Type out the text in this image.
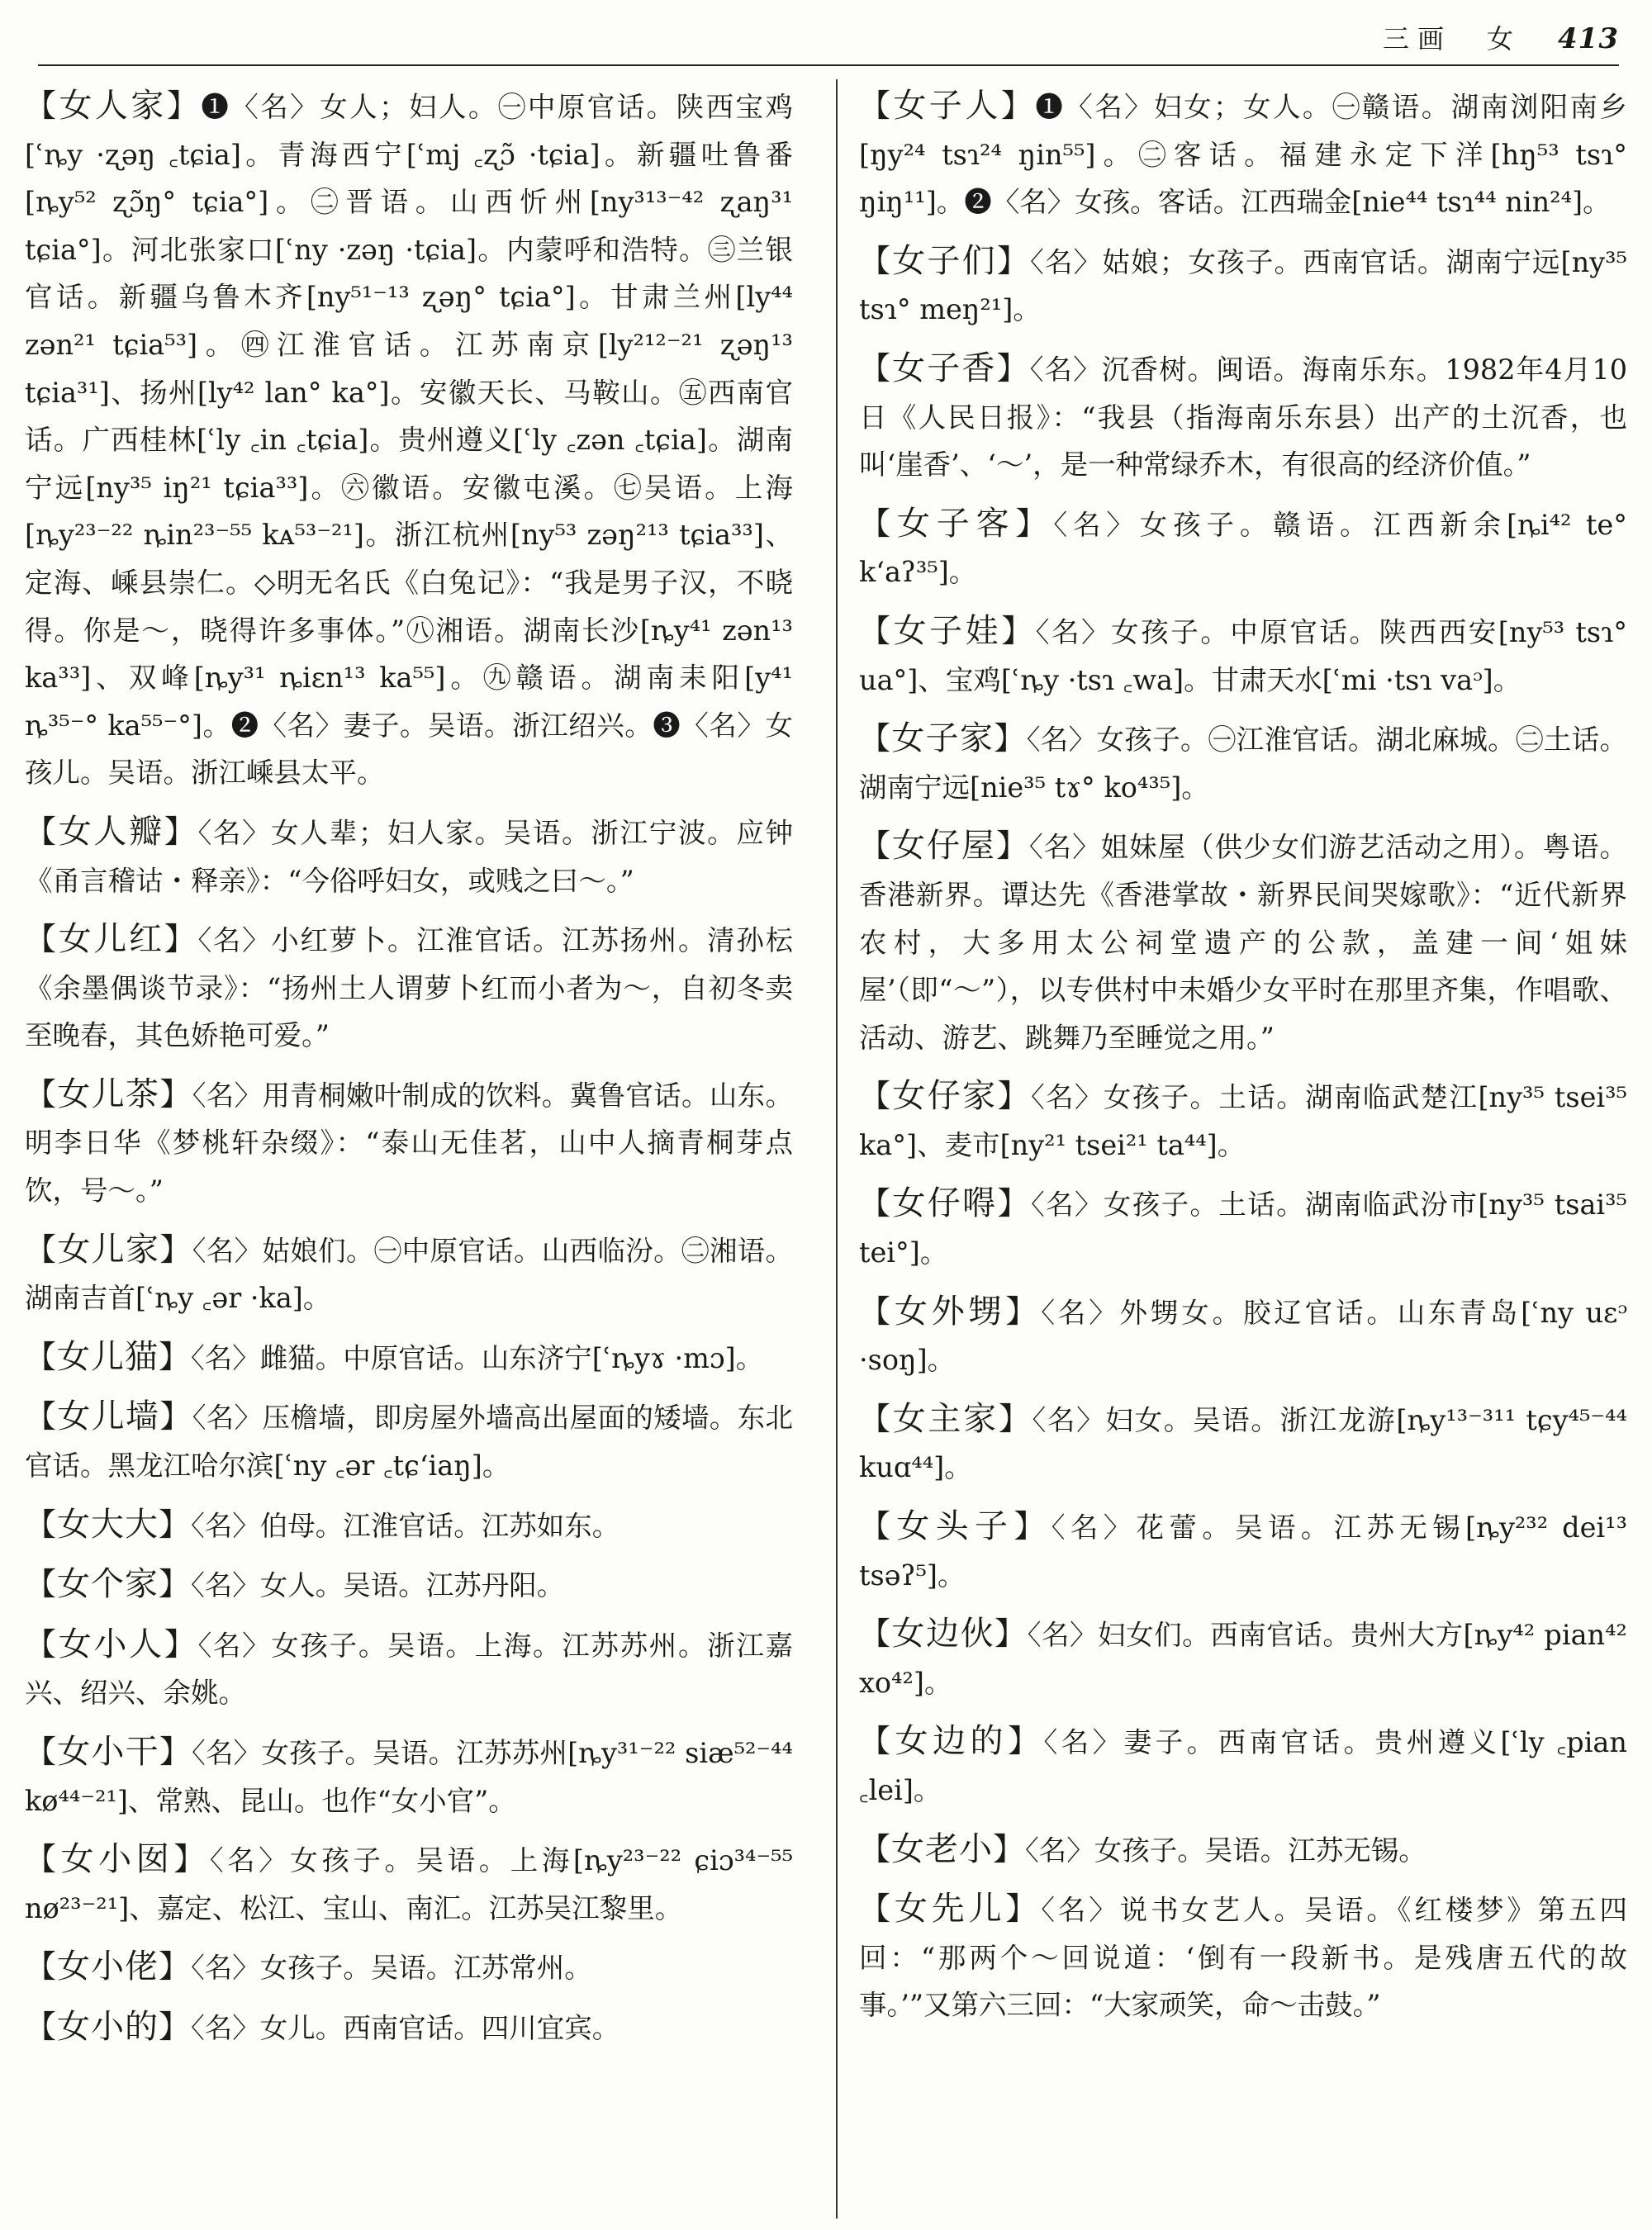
三画　女 413
【女人家】❶〈名〉女人；妇人。㊀中原官话。陕西宝鸡[ʿȵy ·ʐəŋ ꜀tɕia]。青海西宁[ʿmj ꜀ʐɔ̃ ·tɕia]。新疆吐鲁番[ȵy⁵² ʐɔ̃ŋ° tɕia°]。㊁晋语。山西忻州[ny³¹³⁻⁴² ʐaŋ³¹ tɕia°]。河北张家口[ʿny ·zəŋ ·tɕia]。内蒙呼和浩特。㊂兰银官话。新疆乌鲁木齐[ny⁵¹⁻¹³ ʐəŋ° tɕia°]。甘肃兰州[ly⁴⁴ zən²¹ tɕia⁵³]。㊃江淮官话。江苏南京[ly²¹²⁻²¹ ʐəŋ¹³ tɕia³¹]、扬州[ly⁴² lan° ka°]。安徽天长、马鞍山。㊄西南官话。广西桂林[ʿly ꜀in ꜀tɕia]。贵州遵义[ʿly ꜀zən ꜀tɕia]。湖南宁远[ny³⁵ iŋ²¹ tɕia³³]。㊅徽语。安徽屯溪。㊆吴语。上海[ȵy²³⁻²² ȵin²³⁻⁵⁵ kᴀ⁵³⁻²¹]。浙江杭州[ny⁵³ zəŋ²¹³ tɕia³³]、定海、嵊县崇仁。◇明无名氏《白兔记》：“我是男子汉，不晓得。你是～，晓得许多事体。”㊇湘语。湖南长沙[ȵy⁴¹ zən¹³ ka³³]、双峰[ȵy³¹ ȵiɛn¹³ ka⁵⁵]。㊈赣语。湖南耒阳[y⁴¹ ȵ³⁵⁻° ka⁵⁵⁻°]。❷〈名〉妻子。吴语。浙江绍兴。❸〈名〉女孩儿。吴语。浙江嵊县太平。
【女人瓣】〈名〉女人辈；妇人家。吴语。浙江宁波。应钟《甬言稽诂・释亲》：“今俗呼妇女，或贱之曰～。”
【女儿红】〈名〉小红萝卜。江淮官话。江苏扬州。清孙枟《余墨偶谈节录》：“扬州土人谓萝卜红而小者为～，自初冬卖至晚春，其色娇艳可爱。”
【女儿茶】〈名〉用青桐嫩叶制成的饮料。冀鲁官话。山东。明李日华《梦桃轩杂缀》：“泰山无佳茗，山中人摘青桐芽点饮，号～。”
【女儿家】〈名〉姑娘们。㊀中原官话。山西临汾。㊁湘语。湖南吉首[ʿȵy ꜀ər ·ka]。
【女儿猫】〈名〉雌猫。中原官话。山东济宁[ʿȵyɤ ·mɔ]。
【女儿墙】〈名〉压檐墙，即房屋外墙高出屋面的矮墙。东北官话。黑龙江哈尔滨[ʿny ꜀ər ꜀tɕʻiaŋ]。
【女大大】〈名〉伯母。江淮官话。江苏如东。
【女个家】〈名〉女人。吴语。江苏丹阳。
【女小人】〈名〉女孩子。吴语。上海。江苏苏州。浙江嘉兴、绍兴、余姚。
【女小干】〈名〉女孩子。吴语。江苏苏州[ȵy³¹⁻²² siæ⁵²⁻⁴⁴ kø⁴⁴⁻²¹]、常熟、昆山。也作“女小官”。
【女小囡】〈名〉女孩子。吴语。上海[ȵy²³⁻²² ɕiɔ³⁴⁻⁵⁵ nø²³⁻²¹]、嘉定、松江、宝山、南汇。江苏吴江黎里。
【女小佬】〈名〉女孩子。吴语。江苏常州。
【女小的】〈名〉女儿。西南官话。四川宜宾。
【女子人】❶〈名〉妇女；女人。㊀赣语。湖南浏阳南乡[ŋy²⁴ tsɿ²⁴ ŋin⁵⁵]。㊁客话。福建永定下洋[hŋ⁵³ tsɿ° ŋiŋ¹¹]。❷〈名〉女孩。客话。江西瑞金[nie⁴⁴ tsɿ⁴⁴ nin²⁴]。
【女子们】〈名〉姑娘；女孩子。西南官话。湖南宁远[ny³⁵ tsɿ° meŋ²¹]。
【女子香】〈名〉沉香树。闽语。海南乐东。1982年4月10日《人民日报》：“我县（指海南乐东县）出产的土沉香，也叫‘崖香’、‘～’，是一种常绿乔木，有很高的经济价值。”
【女子客】〈名〉女孩子。赣语。江西新余[ȵi⁴² te° kʻaʔ³⁵]。
【女子娃】〈名〉女孩子。中原官话。陕西西安[ny⁵³ tsɿ° ua°]、宝鸡[ʿȵy ·tsɿ ꜀wa]。甘肃天水[ʿmi ·tsɿ vaᵓ]。
【女子家】〈名〉女孩子。㊀江淮官话。湖北麻城。㊁土话。湖南宁远[nie³⁵ tɤ° ko⁴³⁵]。
【女仔屋】〈名〉姐妹屋（供少女们游艺活动之用）。粤语。香港新界。谭达先《香港掌故・新界民间哭嫁歌》：“近代新界农村，大多用太公祠堂遗产的公款，盖建一间‘姐妹屋’（即“～”），以专供村中未婚少女平时在那里齐集，作唱歌、活动、游艺、跳舞乃至睡觉之用。”
【女仔家】〈名〉女孩子。土话。湖南临武楚江[ny³⁵ tsei³⁵ ka°]、麦市[ny²¹ tsei²¹ ta⁴⁴]。
【女仔嘚】〈名〉女孩子。土话。湖南临武汾市[ny³⁵ tsai³⁵ tei°]。
【女外甥】〈名〉外甥女。胶辽官话。山东青岛[ʿny uɛᵓ ·soŋ]。
【女主家】〈名〉妇女。吴语。浙江龙游[ȵy¹³⁻³¹¹ tɕy⁴⁵⁻⁴⁴ kuɑ⁴⁴]。
【女头子】〈名〉花蕾。吴语。江苏无锡[ȵy²³² dei¹³ tsəʔ⁵]。
【女边伙】〈名〉妇女们。西南官话。贵州大方[ȵy⁴² pian⁴² xo⁴²]。
【女边的】〈名〉妻子。西南官话。贵州遵义[ʿly ꜀pian ꜀lei]。
【女老小】〈名〉女孩子。吴语。江苏无锡。
【女先儿】〈名〉说书女艺人。吴语。《红楼梦》第五四回：“那两个～回说道：‘倒有一段新书。是残唐五代的故事。’”又第六三回：“大家顽笑，命～击鼓。”
